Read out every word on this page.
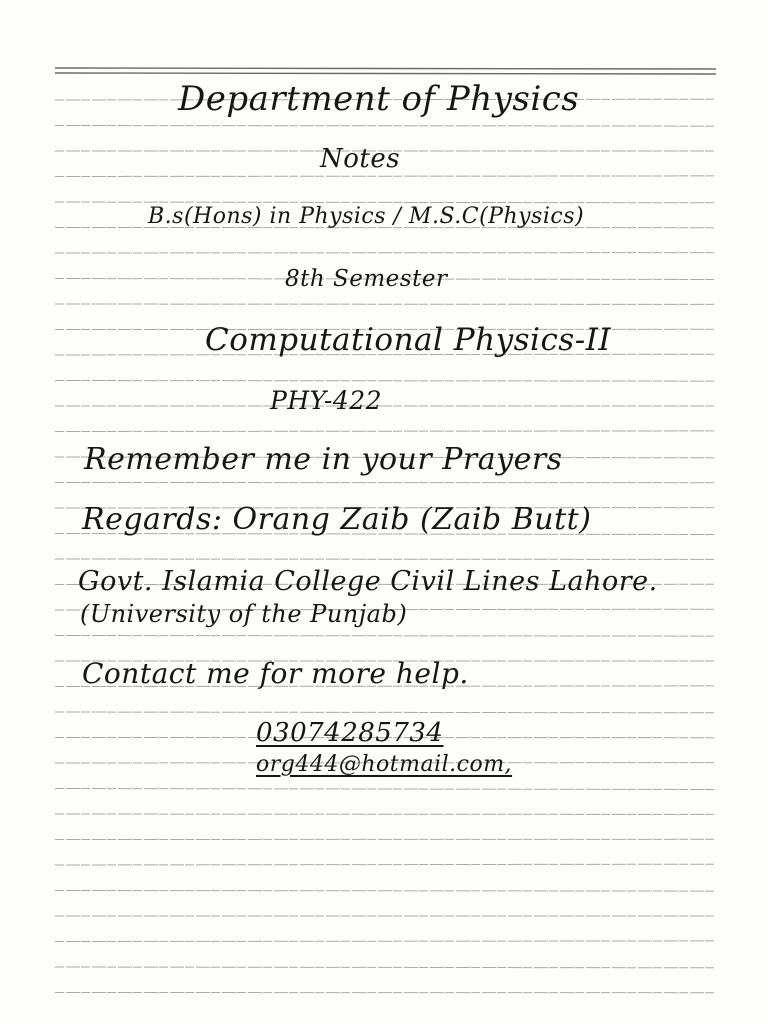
Department of Physics
Notes
B.s(Hons) in Physics / M.S.C(Physics)
8th Semester
Computational Physics-II
PHY-422
Remember me in your Prayers
Regards: Orang Zaib (Zaib Butt)
Govt. Islamia College Civil Lines Lahore.
(University of the Punjab)
Contact me for more help.
03074285734
org444@hotmail.com,
